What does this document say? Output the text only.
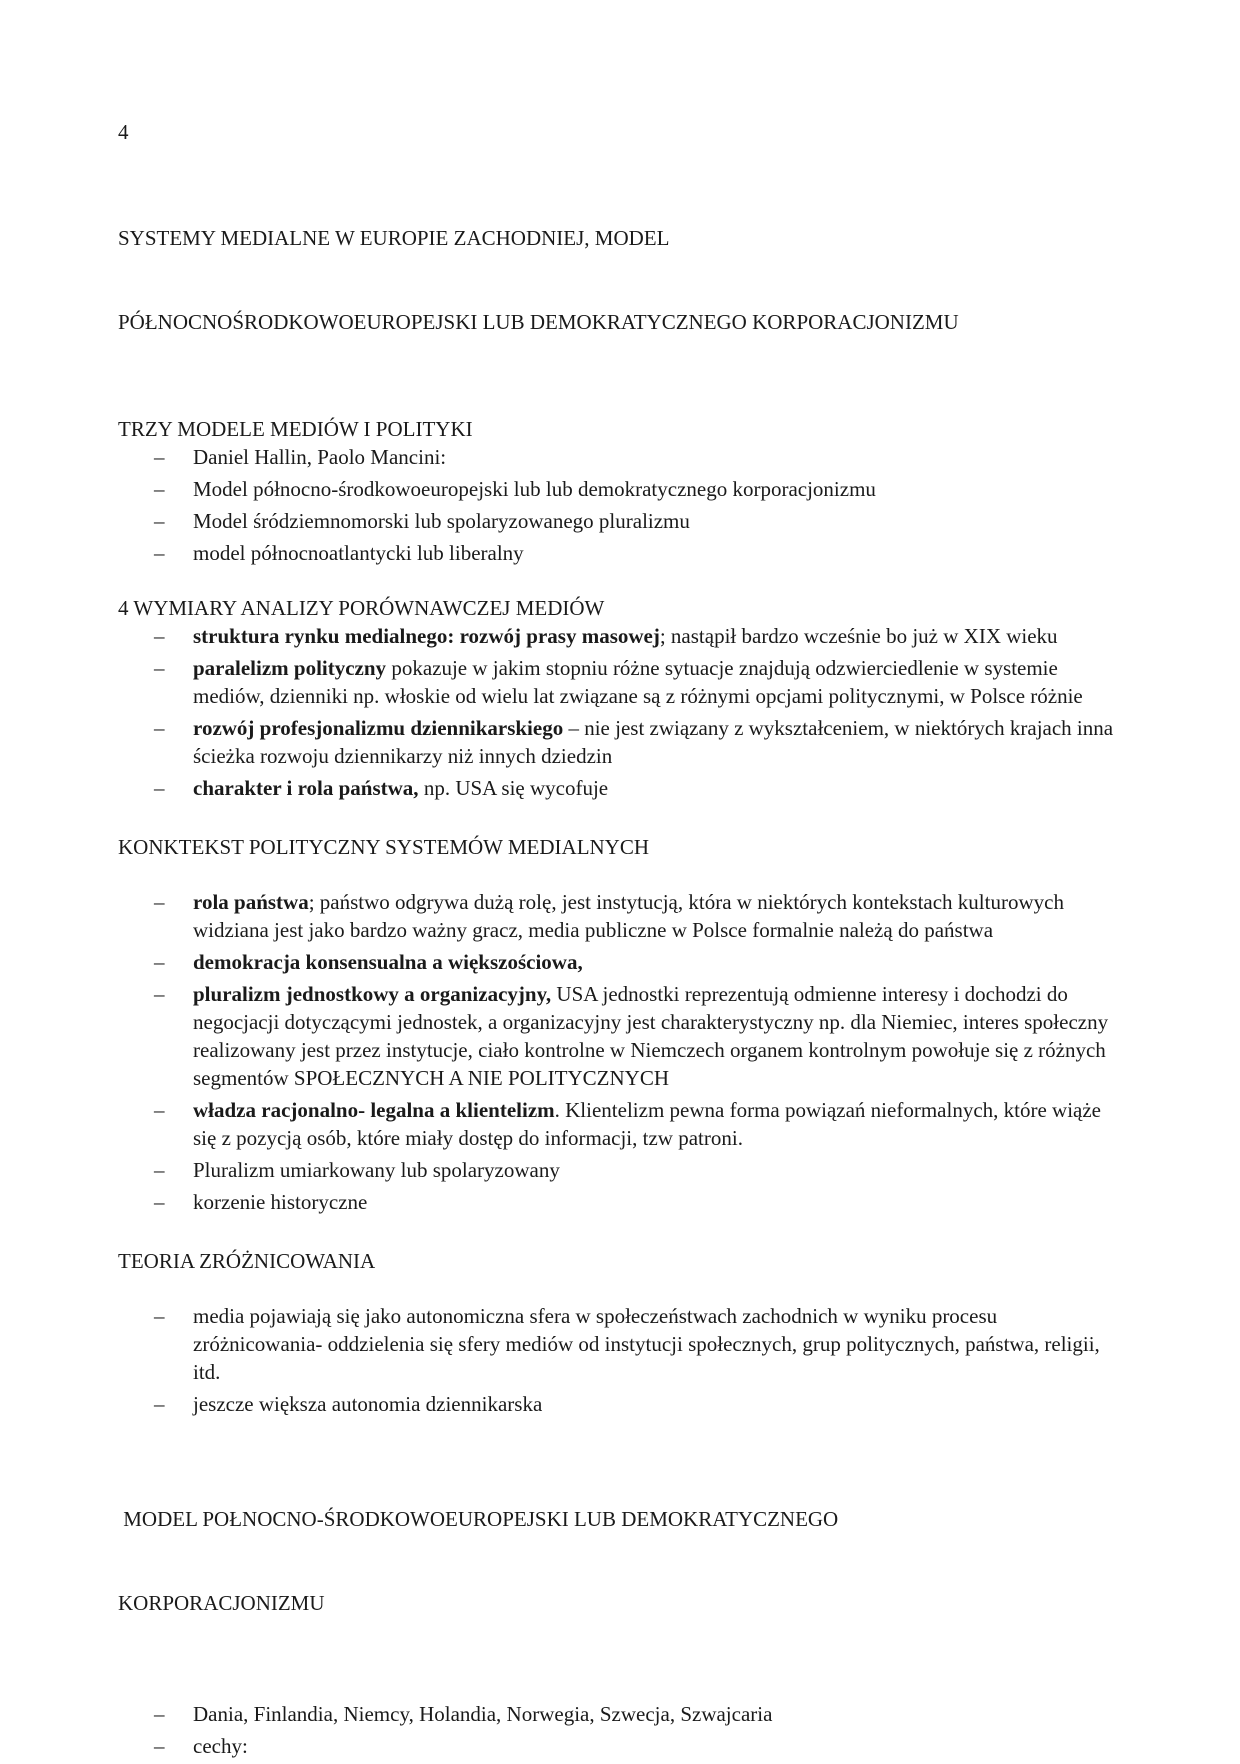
4

SYSTEMY MEDIALNE W EUROPIE ZACHODNIEJ, MODEL

PÓŁNOCNOŚRODKOWOEUROPEJSKI LUB DEMOKRATYCZNEGO KORPORACJONIZMU

TRZY MODELE MEDIÓW I POLITYKI
– Daniel Hallin, Paolo Mancini:
– Model północno-środkowoeuropejski lub lub demokratycznego korporacjonizmu
– Model śródziemnomorski lub spolaryzowanego pluralizmu
– model północnoatlantycki lub liberalny
4 WYMIARY ANALIZY PORÓWNAWCZEJ MEDIÓW
– struktura rynku medialnego: rozwój prasy masowej; nastąpił bardzo wcześnie bo już w XIX wieku
– paralelizm polityczny pokazuje w jakim stopniu różne sytuacje znajdują odzwierciedlenie w systemie mediów, dzienniki np. włoskie od wielu lat związane są z różnymi opcjami politycznymi, w Polsce różnie
– rozwój profesjonalizmu dziennikarskiego – nie jest związany z wykształceniem, w niektórych krajach inna ścieżka rozwoju dziennikarzy niż innych dziedzin
– charakter i rola państwa, np. USA się wycofuje
KONKTEKST POLITYCZNY SYSTEMÓW MEDIALNYCH
– rola państwa; państwo odgrywa dużą rolę, jest instytucją, która w niektórych kontekstach kulturowych widziana jest jako bardzo ważny gracz, media publiczne w Polsce formalnie należą do państwa
– demokracja konsensualna a większościowa,
– pluralizm jednostkowy a organizacyjny, USA jednostki reprezentują odmienne interesy i dochodzi do negocjacji dotyczącymi jednostek, a organizacyjny jest charakterystyczny np. dla Niemiec, interes społeczny realizowany jest przez instytucje, ciało kontrolne w Niemczech organem kontrolnym powołuje się z różnych segmentów SPOŁECZNYCH A NIE POLITYCZNYCH
– władza racjonalno- legalna a klientelizm. Klientelizm pewna forma powiązań nieformalnych, które wiąże się z pozycją osób, które miały dostęp do informacji, tzw patroni.
– Pluralizm umiarkowany lub spolaryzowany
– korzenie historyczne
TEORIA ZRÓŻNICOWANIA
– media pojawiają się jako autonomiczna sfera w społeczeństwach zachodnich w wyniku procesu zróżnicowania- oddzielenia się sfery mediów od instytucji społecznych, grup politycznych, państwa, religii, itd.
– jeszcze większa autonomia dziennikarska

MODEL POŁNOCNO-ŚRODKOWOEUROPEJSKI LUB DEMOKRATYCZNEGO

KORPORACJONIZMU

– Dania, Finlandia, Niemcy, Holandia, Norwegia, Szwecja, Szwajcaria
– cechy:
